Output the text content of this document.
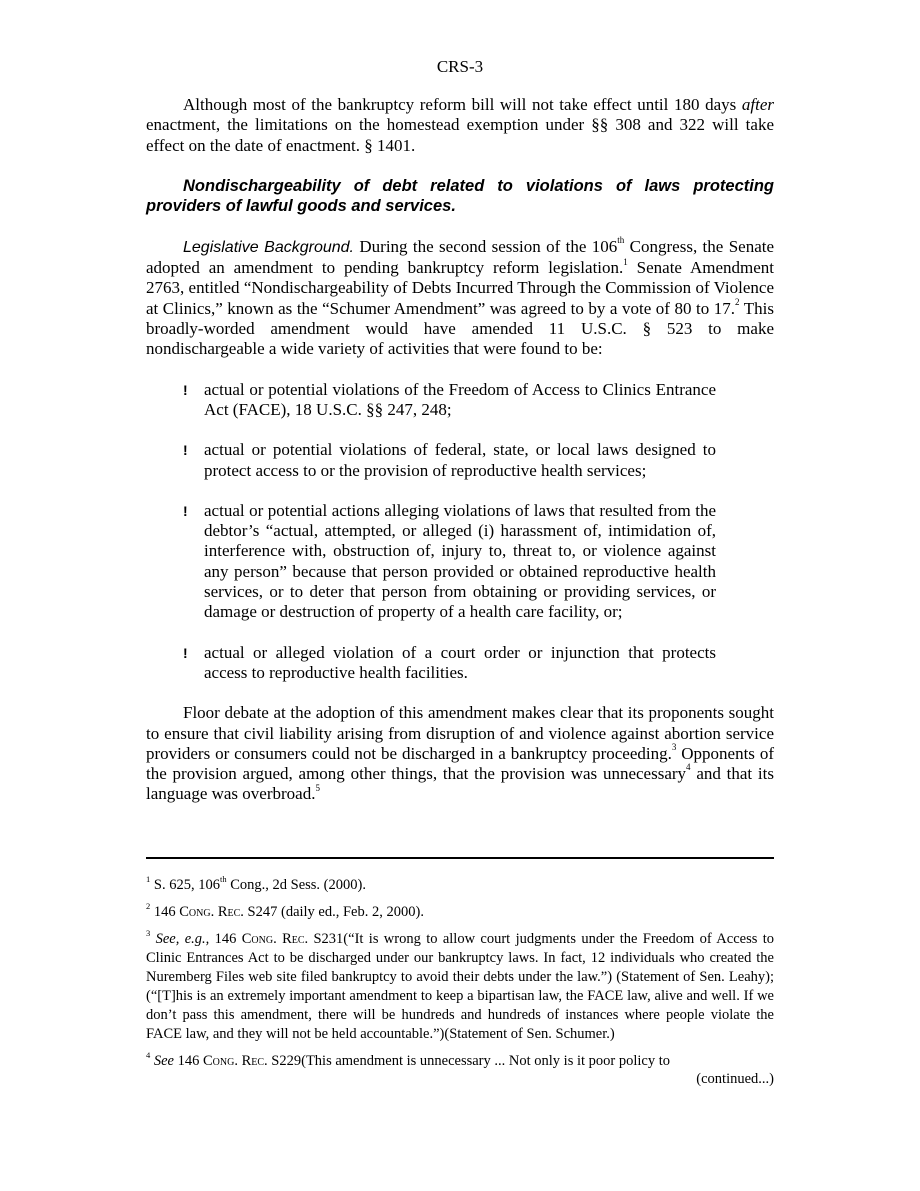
CRS-3

Although most of the bankruptcy reform bill will not take effect until 180 days after enactment, the limitations on the homestead exemption under §§ 308 and 322 will take effect on the date of enactment. § 1401.

Nondischargeability of debt related to violations of laws protecting providers of lawful goods and services.

Legislative Background. During the second session of the 106th Congress, the Senate adopted an amendment to pending bankruptcy reform legislation.$^1$ Senate Amendment 2763, entitled “Nondischargeability of Debts Incurred Through the Commission of Violence at Clinics,” known as the “Schumer Amendment” was agreed to by a vote of 80 to 17.$^2$ This broadly-worded amendment would have amended 11 U.S.C. § 523 to make nondischargeable a wide variety of activities that were found to be:

! actual or potential violations of the Freedom of Access to Clinics Entrance Act (FACE), 18 U.S.C. §§ 247, 248;
! actual or potential violations of federal, state, or local laws designed to protect access to or the provision of reproductive health services;
! actual or potential actions alleging violations of laws that resulted from the debtor’s “actual, attempted, or alleged (i) harassment of, intimidation of, interference with, obstruction of, injury to, threat to, or violence against any person” because that person provided or obtained reproductive health services, or to deter that person from obtaining or providing services, or damage or destruction of property of a health care facility, or;
! actual or alleged violation of a court order or injunction that protects access to reproductive health facilities.

Floor debate at the adoption of this amendment makes clear that its proponents sought to ensure that civil liability arising from disruption of and violence against abortion service providers or consumers could not be discharged in a bankruptcy proceeding.$^3$ Opponents of the provision argued, among other things, that the provision was unnecessary$^4$ and that its language was overbroad.$^5$

$^1$ S. 625, 106th Cong., 2d Sess. (2000).

$^2$ 146 Cong. Rec. S247 (daily ed., Feb. 2, 2000).

$^3$ See, e.g., 146 Cong. Rec. S231(“It is wrong to allow court judgments under the Freedom of Access to Clinic Entrances Act to be discharged under our bankruptcy laws. In fact, 12 individuals who created the Nuremberg Files web site filed bankruptcy to avoid their debts under the law.”) (Statement of Sen. Leahy);(“[T]his is an extremely important amendment to keep a bipartisan law, the FACE law, alive and well. If we don’t pass this amendment, there will be hundreds and hundreds of instances where people violate the FACE law, and they will not be held accountable.”)(Statement of Sen. Schumer.)

$^4$ See 146 Cong. Rec. S229(This amendment is unnecessary ... Not only is it poor policy to

(continued...)
